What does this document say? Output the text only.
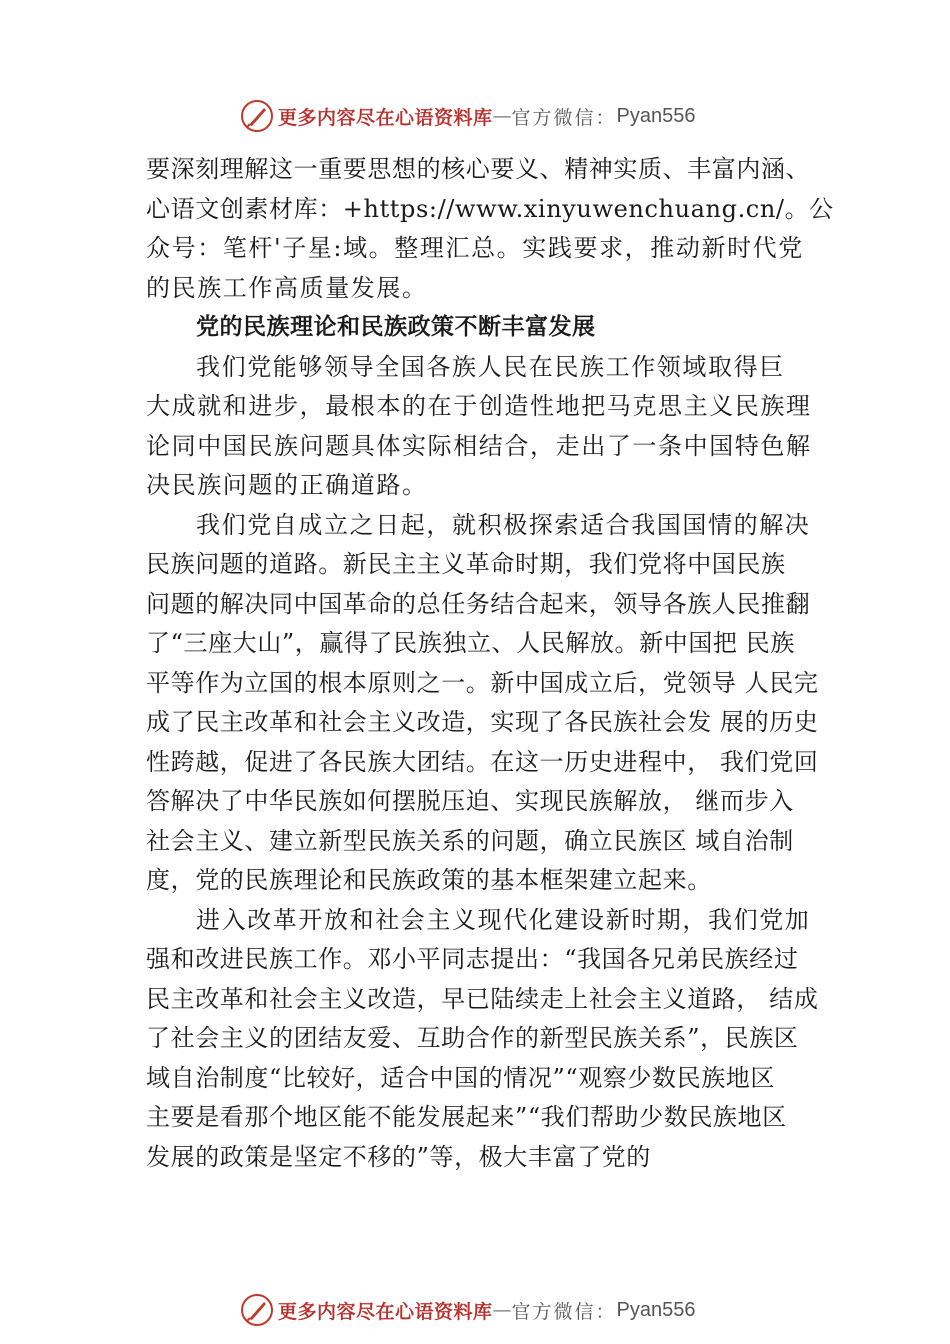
更多内容尽在心语资料库 — 官方微信： Pyan556
要深刻理解这一重要思想的核心要义、精神实质、丰富内涵、
心语文创素材库：+https://www.xinyuwenchuang.cn/。公
众号：笔杆'子星:域。整理汇总。实践要求，推动新时代党
的民族工作高质量发展。
党的民族理论和民族政策不断丰富发展
我们党能够领导全国各族人民在民族工作领域取得巨
大成就和进步，最根本的在于创造性地把马克思主义民族理
论同中国民族问题具体实际相结合，走出了一条中国特色解
决民族问题的正确道路。
我们党自成立之日起，就积极探索适合我国国情的解决
民族问题的道路。新民主主义革命时期，我们党将中国民族
问题的解决同中国革命的总任务结合起来，领导各族人民推翻
了“三座大山”，赢得了民族独立、人民解放。新中国把 民族
平等作为立国的根本原则之一。新中国成立后，党领导 人民完
成了民主改革和社会主义改造，实现了各民族社会发 展的历史
性跨越，促进了各民族大团结。在这一历史进程中， 我们党回
答解决了中华民族如何摆脱压迫、实现民族解放， 继而步入
社会主义、建立新型民族关系的问题，确立民族区 域自治制
度，党的民族理论和民族政策的基本框架建立起来。
进入改革开放和社会主义现代化建设新时期，我们党加
强和改进民族工作。邓小平同志提出：“我国各兄弟民族经过
民主改革和社会主义改造，早已陆续走上社会主义道路， 结成
了社会主义的团结友爱、互助合作的新型民族关系”，民族区
域自治制度“比较好，适合中国的情况”“观察少数民族地区
主要是看那个地区能不能发展起来”“我们帮助少数民族地区
发展的政策是坚定不移的”等，极大丰富了党的
更多内容尽在心语资料库 — 官方微信： Pyan556
